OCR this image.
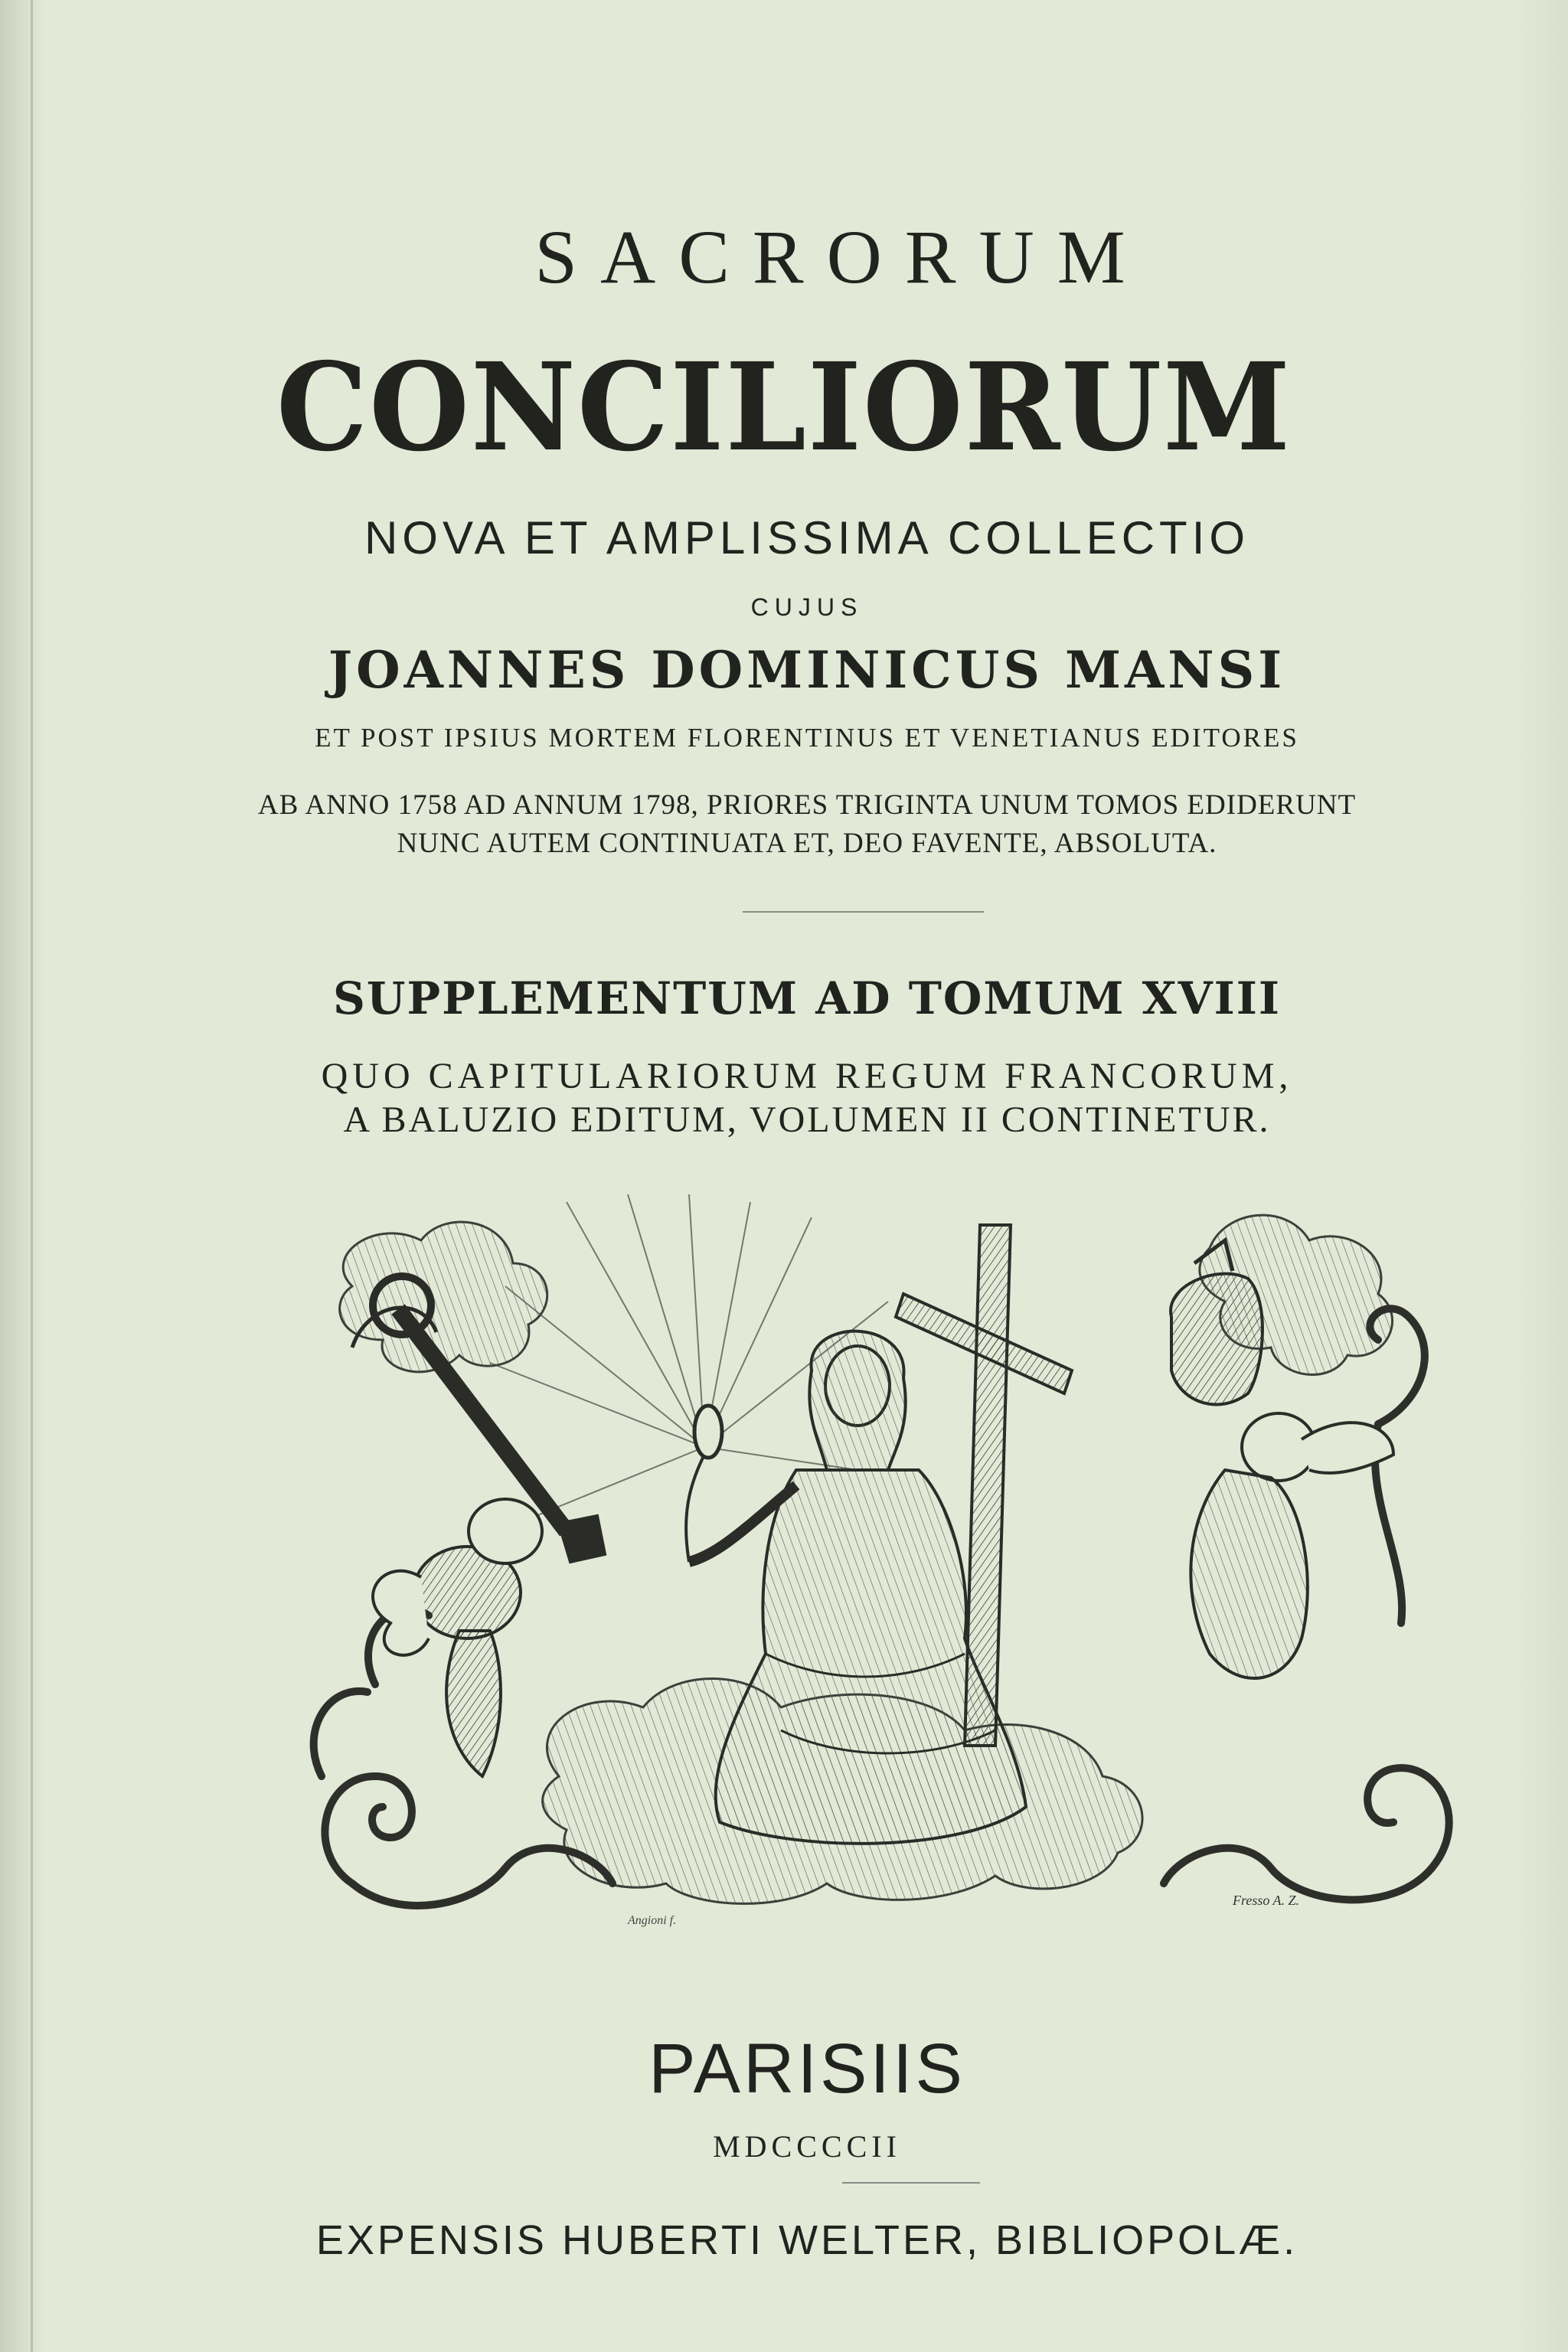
SACRORUM
CONCILIORUM
NOVA ET AMPLISSIMA COLLECTIO
CUJUS
JOANNES DOMINICUS MANSI
ET POST IPSIUS MORTEM FLORENTINUS ET VENETIANUS EDITORES
AB ANNO 1758 AD ANNUM 1798, PRIORES TRIGINTA UNUM TOMOS EDIDERUNT
NUNC AUTEM CONTINUATA ET, DEO FAVENTE, ABSOLUTA.
SUPPLEMENTUM AD TOMUM XVIII
QUO CAPITULARIORUM REGUM FRANCORUM,
A BALUZIO EDITUM, VOLUMEN II CONTINETUR.
Angioni f.
Fresso A. Z.
PARISIIS
MDCCCCII
EXPENSIS HUBERTI WELTER, BIBLIOPOLÆ.
